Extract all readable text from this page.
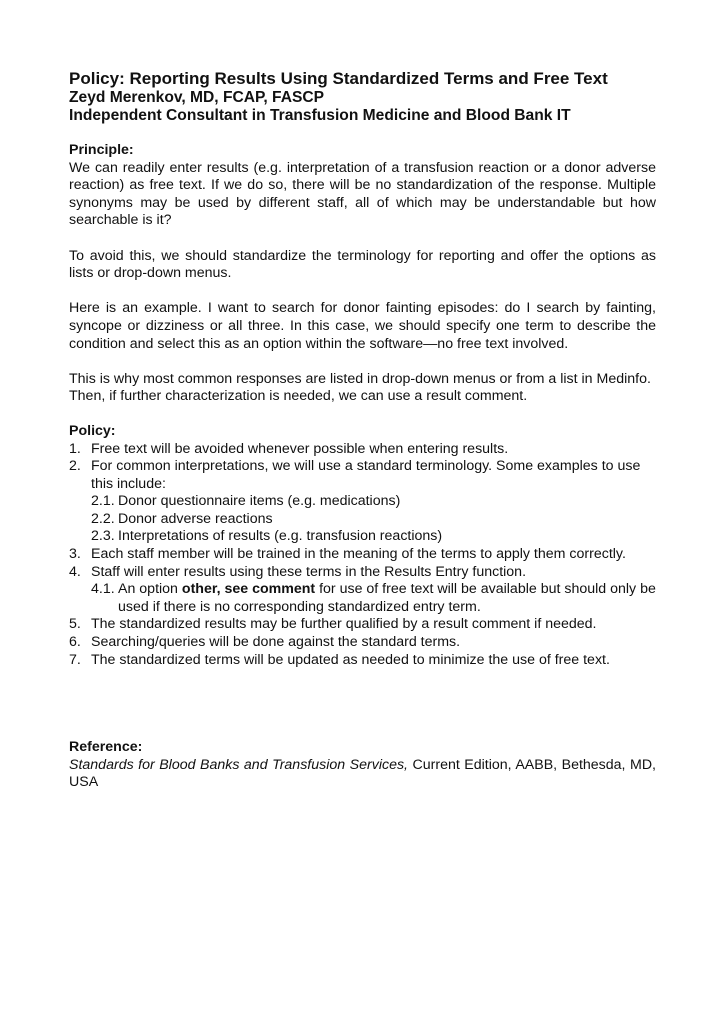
Policy: Reporting Results Using Standardized Terms and Free Text
Zeyd Merenkov, MD, FCAP, FASCP
Independent Consultant in Transfusion Medicine and Blood Bank IT
Principle:

We can readily enter results (e.g. interpretation of a transfusion reaction or a donor adverse reaction) as free text. If we do so, there will be no standardization of the response. Multiple synonyms may be used by different staff, all of which may be understandable but how searchable is it?

To avoid this, we should standardize the terminology for reporting and offer the options as lists or drop-down menus.

Here is an example. I want to search for donor fainting episodes: do I search by fainting, syncope or dizziness or all three. In this case, we should specify one term to describe the condition and select this as an option within the software—no free text involved.

This is why most common responses are listed in drop-down menus or from a list in Medinfo. Then, if further characterization is needed, we can use a result comment.

Policy:
1. Free text will be avoided whenever possible when entering results.
2. For common interpretations, we will use a standard terminology. Some examples to use this include:
2.1. Donor questionnaire items (e.g. medications)
2.2. Donor adverse reactions
2.3. Interpretations of results (e.g. transfusion reactions)
3. Each staff member will be trained in the meaning of the terms to apply them correctly.
4. Staff will enter results using these terms in the Results Entry function.
4.1. An option other, see comment for use of free text will be available but should only be used if there is no corresponding standardized entry term.
5. The standardized results may be further qualified by a result comment if needed.
6. Searching/queries will be done against the standard terms.
7. The standardized terms will be updated as needed to minimize the use of free text.
Reference:

Standards for Blood Banks and Transfusion Services, Current Edition, AABB, Bethesda, MD, USA
